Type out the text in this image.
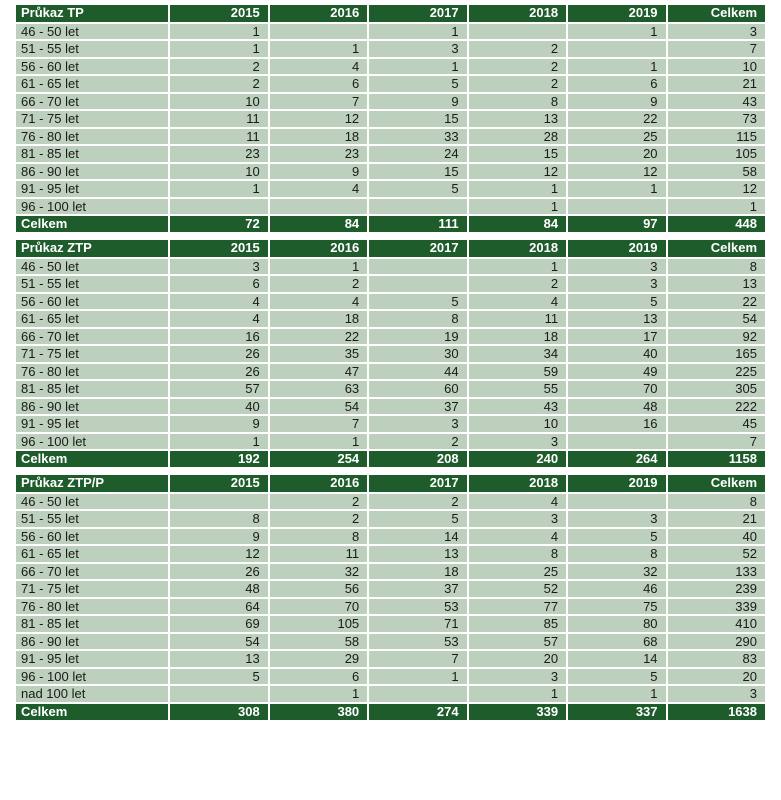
Průkaz TP	2015	2016	2017	2018	2019	Celkem
46 - 50 let	1		1		1	3
51 - 55 let	1	1	3	2		7
56 - 60 let	2	4	1	2	1	10
61 - 65 let	2	6	5	2	6	21
66 - 70 let	10	7	9	8	9	43
71 - 75 let	11	12	15	13	22	73
76 - 80 let	11	18	33	28	25	115
81 - 85 let	23	23	24	15	20	105
86 - 90 let	10	9	15	12	12	58
91 - 95 let	1	4	5	1	1	12
96 - 100 let				1		1
Celkem	72	84	111	84	97	448
Průkaz ZTP	2015	2016	2017	2018	2019	Celkem
46 - 50 let	3	1		1	3	8
51 - 55 let	6	2		2	3	13
56 - 60 let	4	4	5	4	5	22
61 - 65 let	4	18	8	11	13	54
66 - 70 let	16	22	19	18	17	92
71 - 75 let	26	35	30	34	40	165
76 - 80 let	26	47	44	59	49	225
81 - 85 let	57	63	60	55	70	305
86 - 90 let	40	54	37	43	48	222
91 - 95 let	9	7	3	10	16	45
96 - 100 let	1	1	2	3		7
Celkem	192	254	208	240	264	1158
Průkaz ZTP/P	2015	2016	2017	2018	2019	Celkem
46 - 50 let		2	2	4		8
51 - 55 let	8	2	5	3	3	21
56 - 60 let	9	8	14	4	5	40
61 - 65 let	12	11	13	8	8	52
66 - 70 let	26	32	18	25	32	133
71 - 75 let	48	56	37	52	46	239
76 - 80 let	64	70	53	77	75	339
81 - 85 let	69	105	71	85	80	410
86 - 90 let	54	58	53	57	68	290
91 - 95 let	13	29	7	20	14	83
96 - 100 let	5	6	1	3	5	20
nad 100 let		1		1	1	3
Celkem	308	380	274	339	337	1638
